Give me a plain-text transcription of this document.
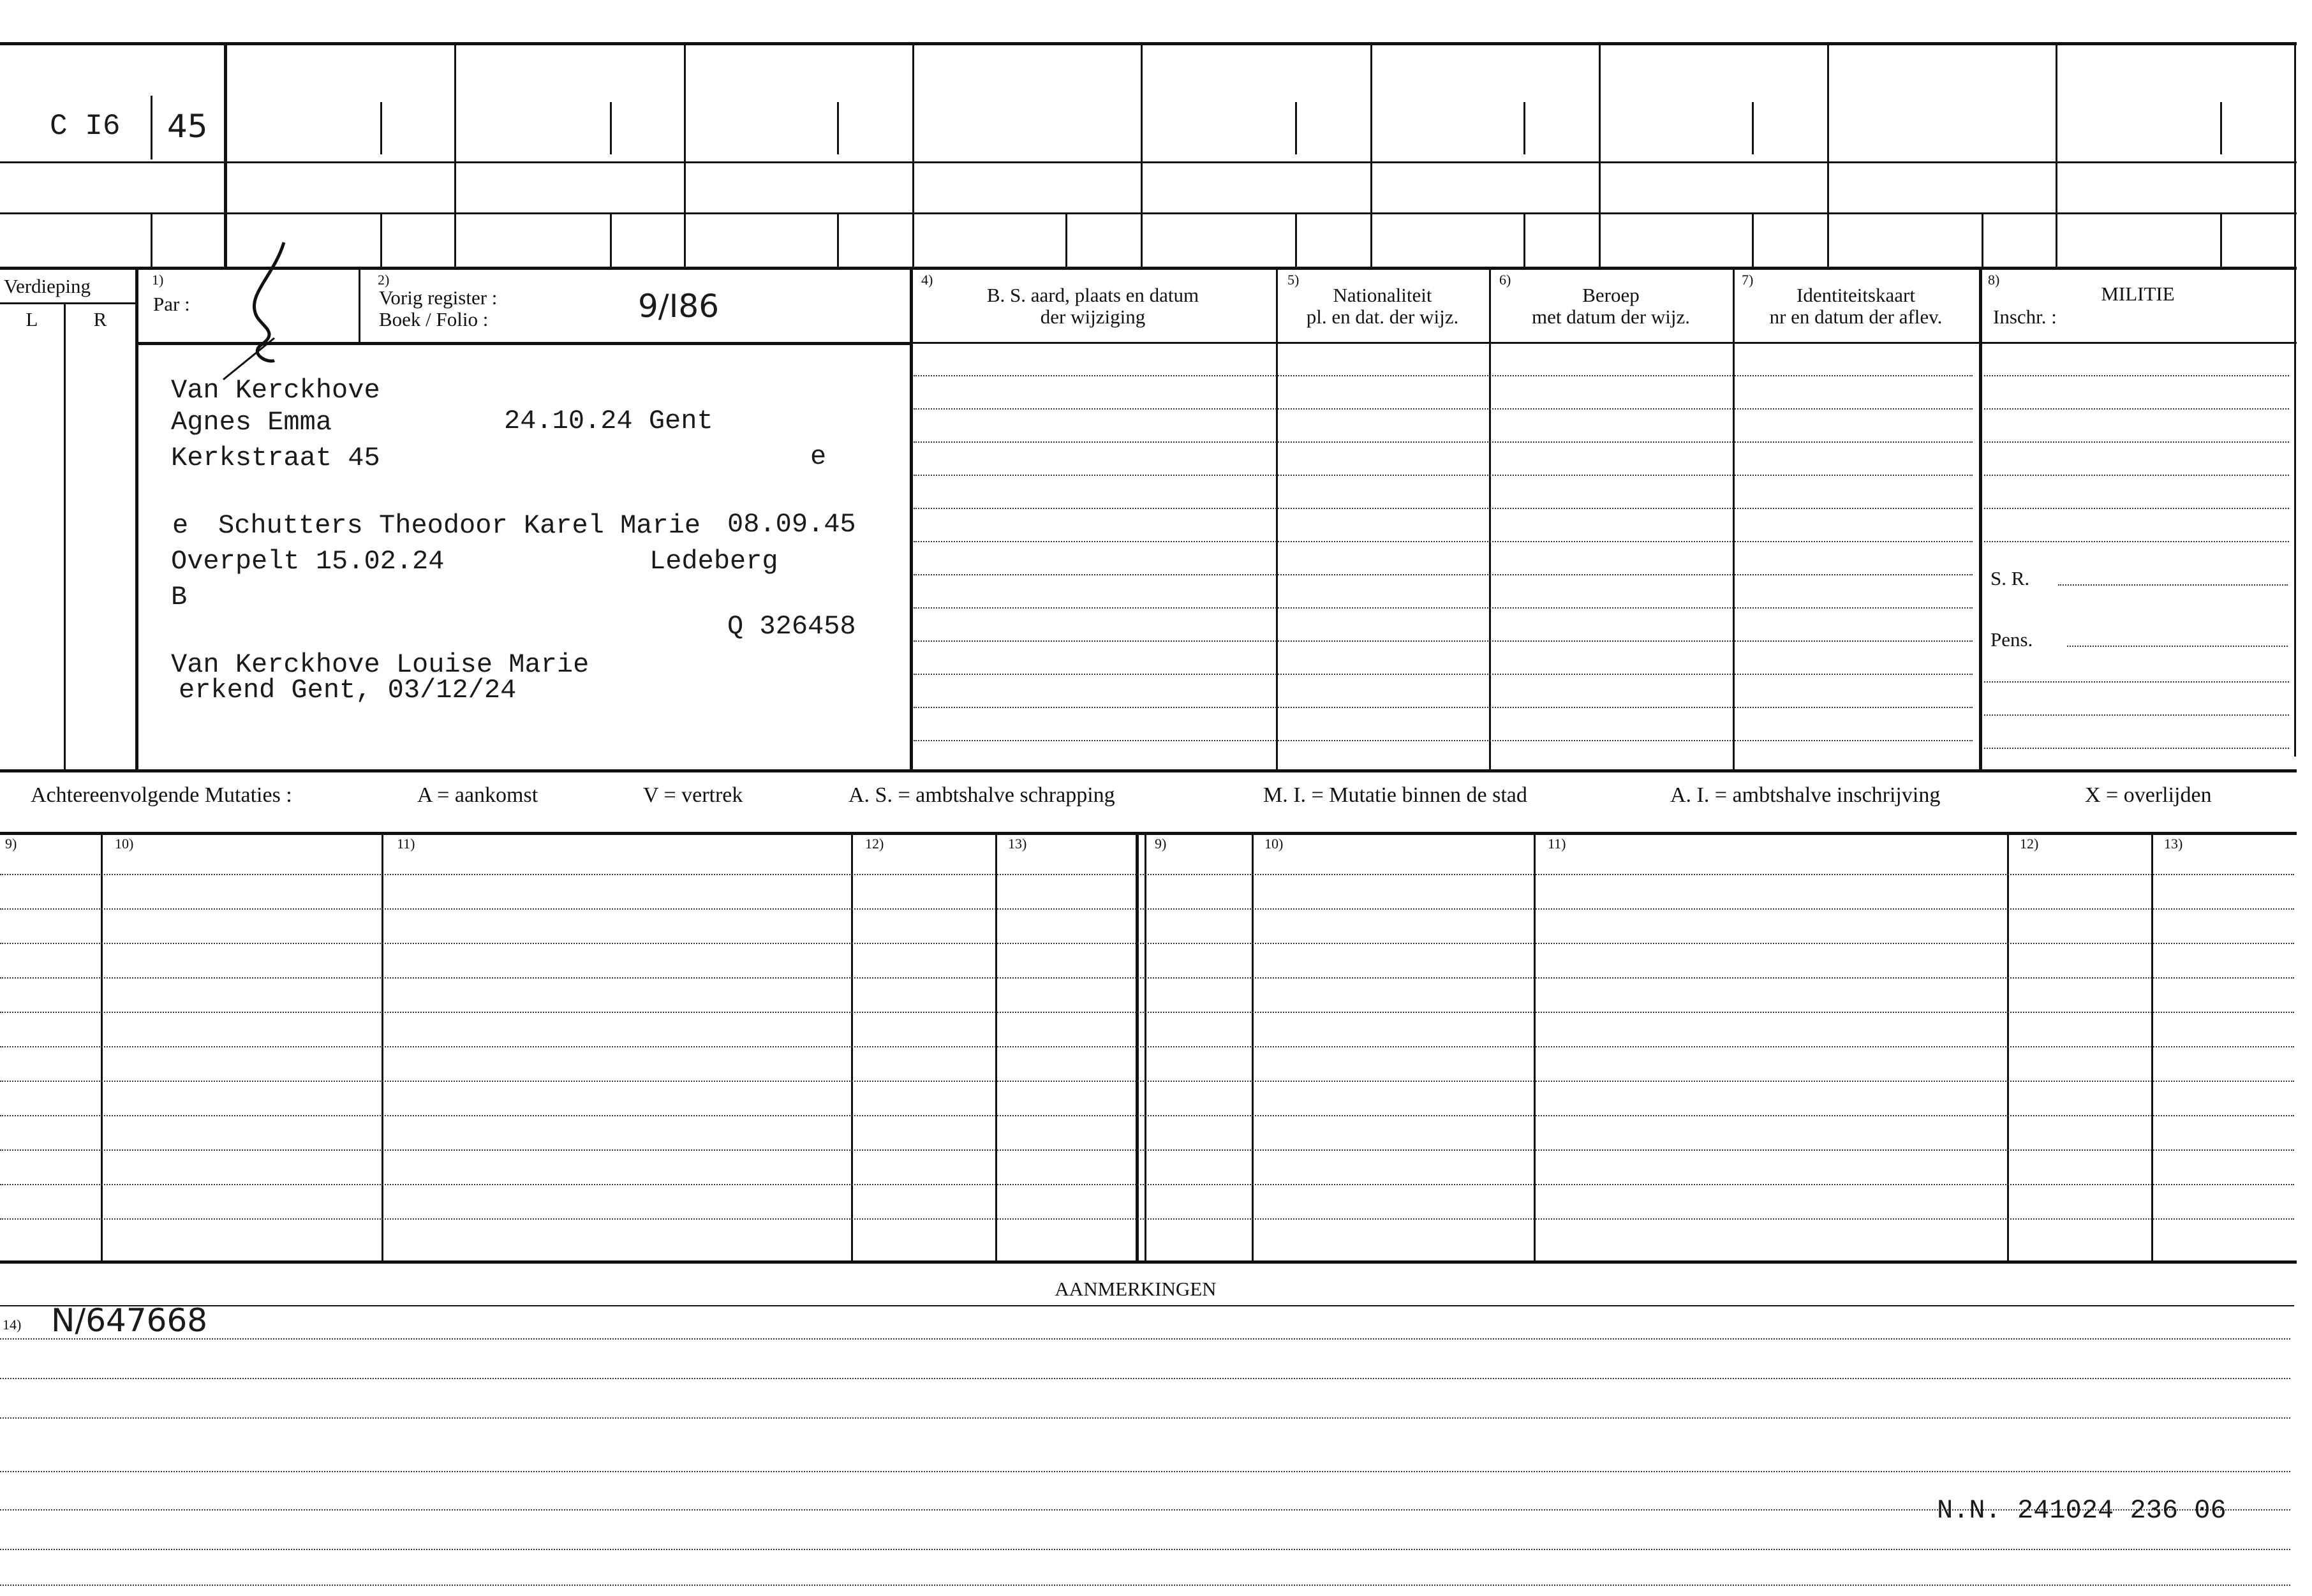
C I6 45
Verdieping
L	R
1)
Par :
2)
Vorig register :
Boek / Folio :	9/I86
4)
B. S. aard, plaats en datum
der wijziging
5)
Nationaliteit
pl. en dat. der wijz.
6)
Beroep
met datum der wijz.
7)
Identiteitskaart
nr en datum der aflev.
8)
MILITIE
Inschr. :
S. R.
Pens.
Van Kerckhove
Agnes Emma	24.10.24 Gent
Kerkstraat 45	e
e Schutters Theodoor Karel Marie 08.09.45
Overpelt 15.02.24	Ledeberg
B
Q 326458
Van Kerckhove Louise Marie
erkend Gent, 03/12/24
Achtereenvolgende Mutaties :	A = aankomst	V = vertrek	A. S. = ambtshalve schrapping	M. I. = Mutatie binnen de stad	A. I. = ambtshalve inschrijving	X = overlijden
9)	10)	11)	12)	13)	9)	10)	11)	12)	13)
AANMERKINGEN
14) N/647668
N.N. 241024 236 06
